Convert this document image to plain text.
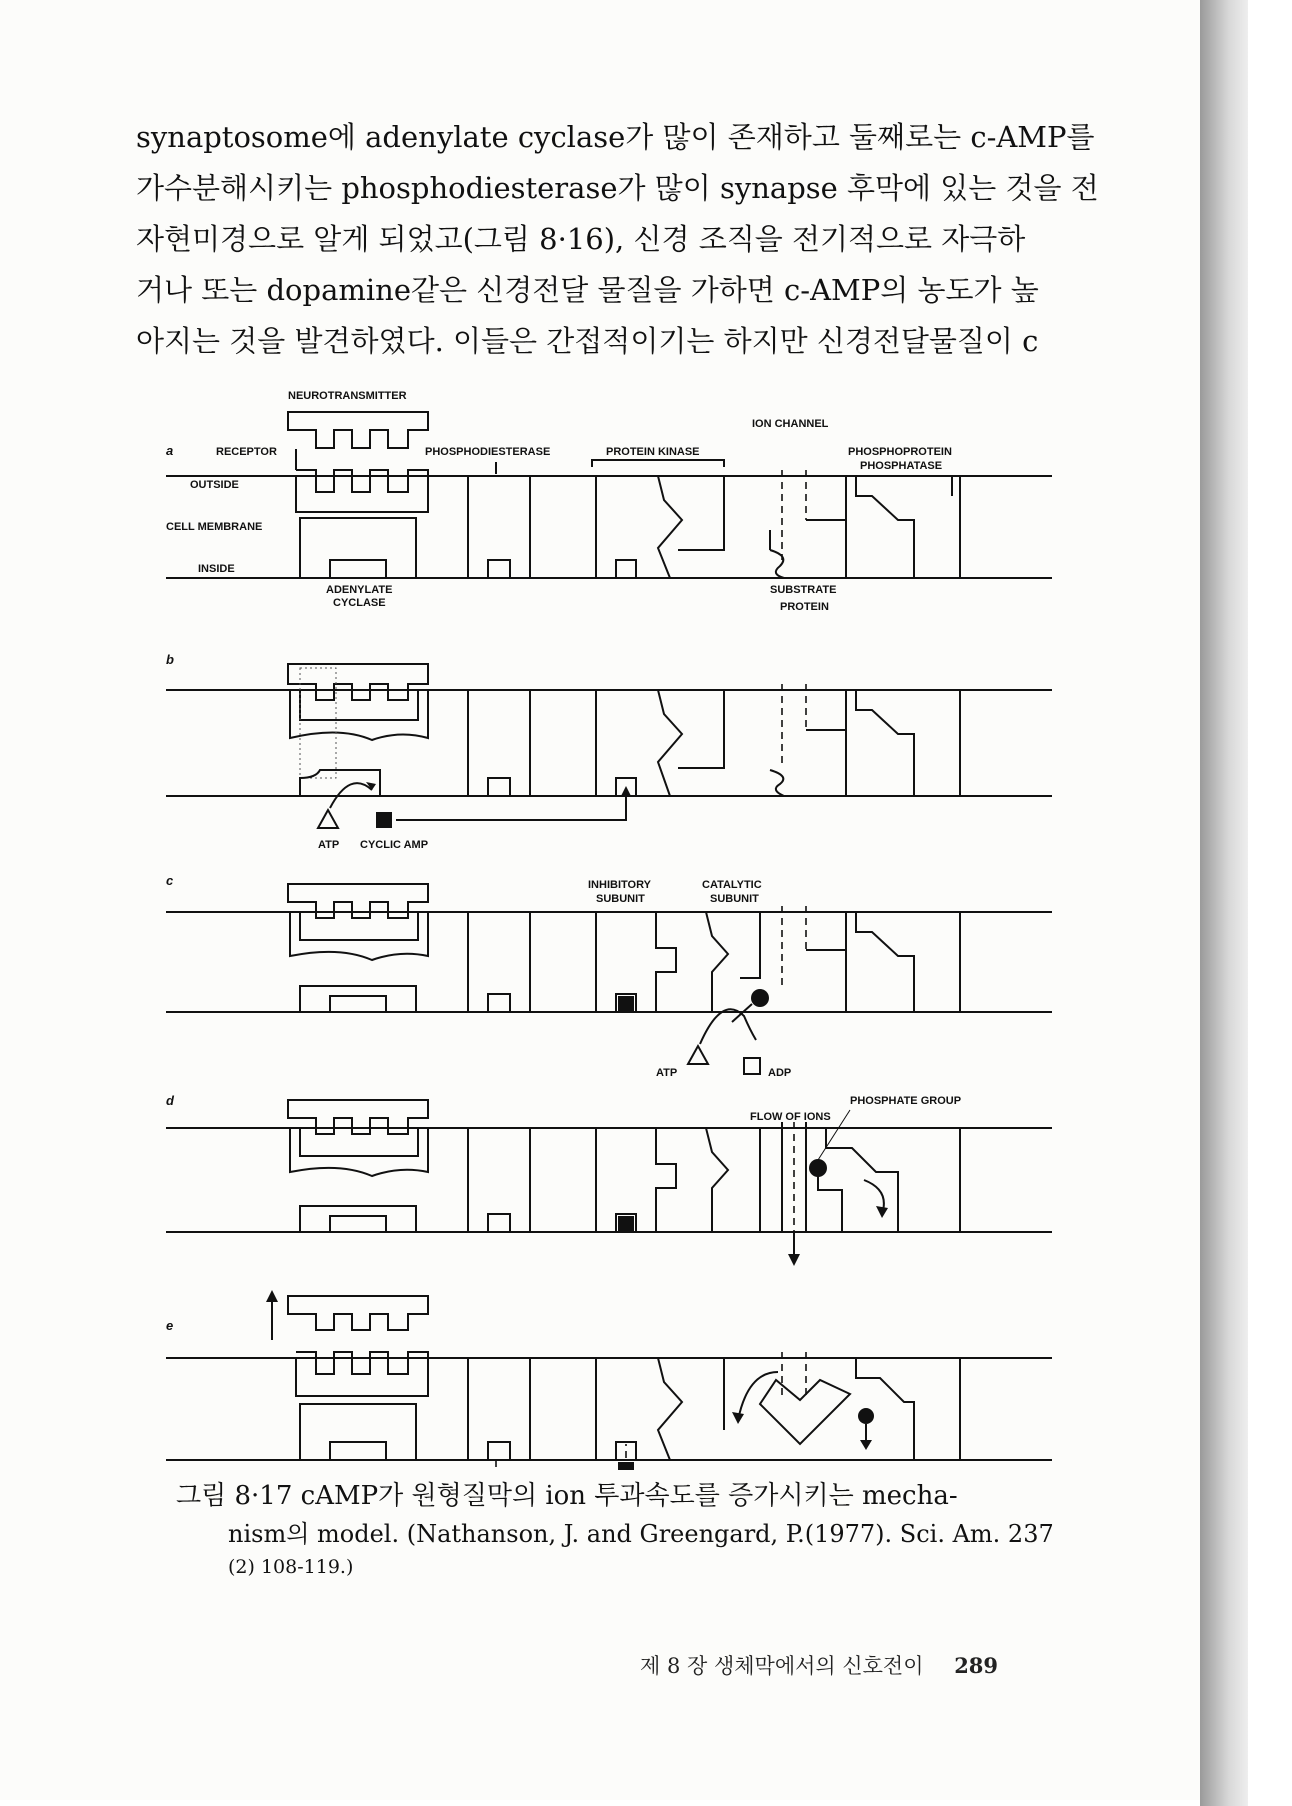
synaptosome에 adenylate cyclase가 많이 존재하고 둘째로는 c-AMP를
가수분해시키는 phosphodiesterase가 많이 synapse 후막에 있는 것을 전
자현미경으로 알게 되었고(그림 8·16), 신경 조직을 전기적으로 자극하
거나 또는 dopamine같은 신경전달 물질을 가하면 c-AMP의 농도가 높
아지는 것을 발견하였다. 이들은 간접적이기는 하지만 신경전달물질이 c
a
b
c
d
e
NEUROTRANSMITTER
RECEPTOR	PHOSPHODIESTERASE	PROTEIN KINASE
ION CHANNEL
PHOSPHOPROTEIN
PHOSPHATASE
OUTSIDE
CELL MEMBRANE
INSIDE
ADENYLATE
CYCLASE
SUBSTRATE
PROTEIN
ATP CYCLIC AMP
INHIBITORY
SUBUNIT
CATALYTIC
SUBUNIT
ATP	ADP
FLOW OF IONS
PHOSPHATE GROUP

그림 8·17 cAMP가 원형질막의 ion 투과속도를 증가시키는 mecha-

nism의 model. (Nathanson, J. and Greengard, P.(1977). Sci. Am. 237

(2) 108-119.)

제 8 장 생체막에서의 신호전이 289
